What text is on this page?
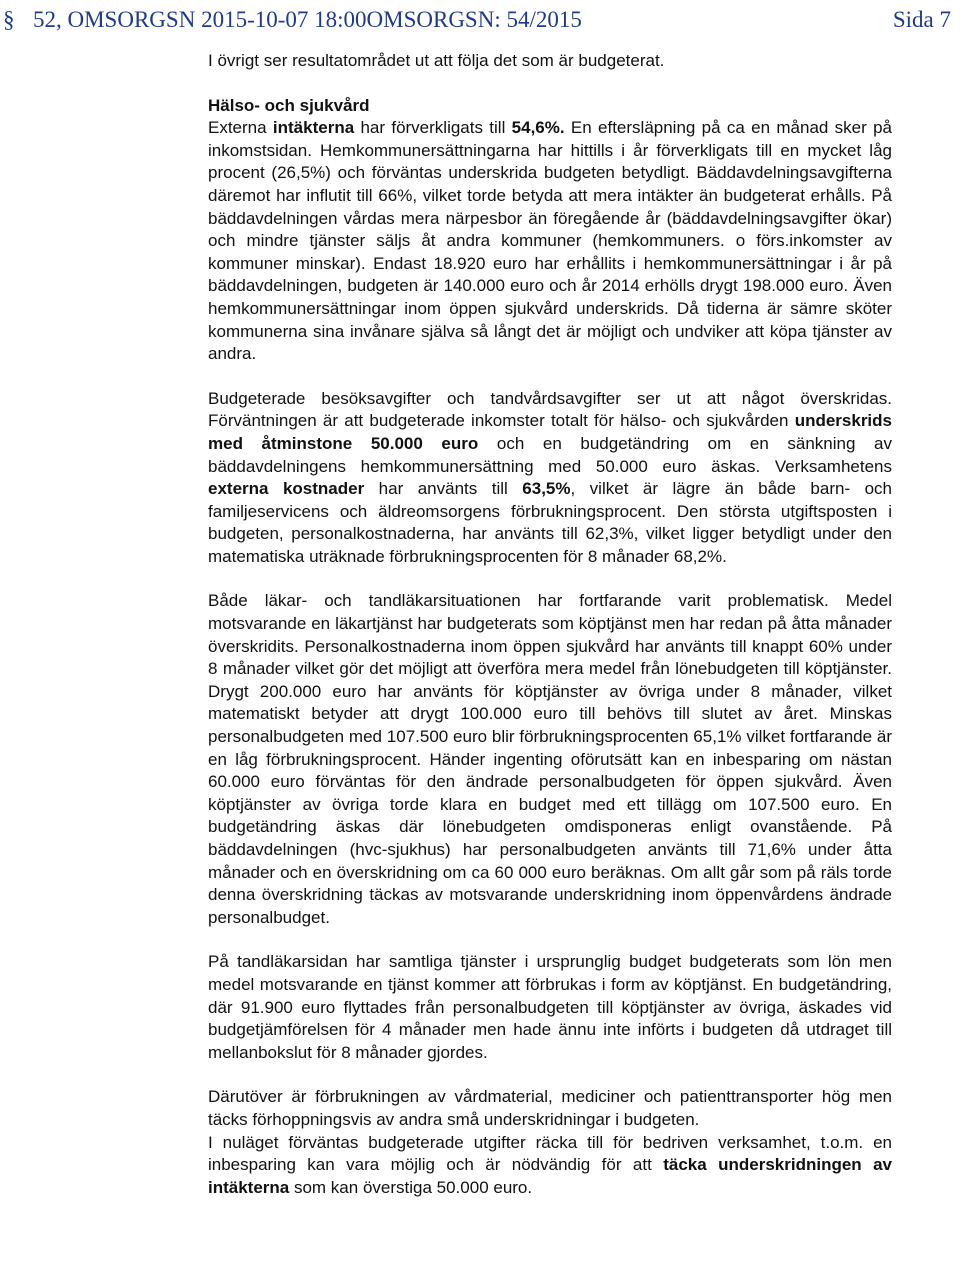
§ 52, OMSORGSN 2015-10-07 18:00OMSORGSN: 54/2015	Sida 7

I övrigt ser resultatområdet ut att följa det som är budgeterat.

Hälso- och sjukvård

Externa intäkterna har förverkligats till 54,6%. En eftersläpning på ca en månad sker på inkomstsidan. Hemkommunersättningarna har hittills i år förverkligats till en mycket låg procent (26,5%) och förväntas underskrida budgeten betydligt. Bäddavdelningsavgifterna däremot har influtit till 66%, vilket torde betyda att mera intäkter än budgeterat erhålls. På bäddavdelningen vårdas mera närpesbor än föregående år (bäddavdelningsavgifter ökar) och mindre tjänster säljs åt andra kommuner (hemkommuners. o förs.inkomster av kommuner minskar). Endast 18.920 euro har erhållits i hemkommunersättningar i år på bäddavdelningen, budgeten är 140.000 euro och år 2014 erhölls drygt 198.000 euro. Även hemkommunersättningar inom öppen sjukvård underskrids. Då tiderna är sämre sköter kommunerna sina invånare själva så långt det är möjligt och undviker att köpa tjänster av andra.

Budgeterade besöksavgifter och tandvårdsavgifter ser ut att något överskridas. Förväntningen är att budgeterade inkomster totalt för hälso- och sjukvården underskrids med åtminstone 50.000 euro och en budgetändring om en sänkning av bäddavdelningens hemkommunersättning med 50.000 euro äskas. Verksamhetens externa kostnader har använts till 63,5%, vilket är lägre än både barn- och familjeservicens och äldreomsorgens förbrukningsprocent. Den största utgiftsposten i budgeten, personalkostnaderna, har använts till 62,3%, vilket ligger betydligt under den matematiska uträknade förbrukningsprocenten för 8 månader 68,2%.

Både läkar- och tandläkarsituationen har fortfarande varit problematisk. Medel motsvarande en läkartjänst har budgeterats som köptjänst men har redan på åtta månader överskridits. Personalkostnaderna inom öppen sjukvård har använts till knappt 60% under 8 månader vilket gör det möjligt att överföra mera medel från lönebudgeten till köptjänster. Drygt 200.000 euro har använts för köptjänster av övriga under 8 månader, vilket matematiskt betyder att drygt 100.000 euro till behövs till slutet av året. Minskas personalbudgeten med 107.500 euro blir förbrukningsprocenten 65,1% vilket fortfarande är en låg förbrukningsprocent. Händer ingenting oförutsätt kan en inbesparing om nästan 60.000 euro förväntas för den ändrade personalbudgeten för öppen sjukvård. Även köptjänster av övriga torde klara en budget med ett tillägg om 107.500 euro. En budgetändring äskas där lönebudgeten omdisponeras enligt ovanstående. På bäddavdelningen (hvc-sjukhus) har personalbudgeten använts till 71,6% under åtta månader och en överskridning om ca 60 000 euro beräknas. Om allt går som på räls torde denna överskridning täckas av motsvarande underskridning inom öppenvårdens ändrade personalbudget.

På tandläkarsidan har samtliga tjänster i ursprunglig budget budgeterats som lön men medel motsvarande en tjänst kommer att förbrukas i form av köptjänst. En budgetändring, där 91.900 euro flyttades från personalbudgeten till köptjänster av övriga, äskades vid budgetjämförelsen för 4 månader men hade ännu inte införts i budgeten då utdraget till mellanbokslut för 8 månader gjordes.

Därutöver är förbrukningen av vårdmaterial, mediciner och patienttransporter hög men täcks förhoppningsvis av andra små underskridningar i budgeten.

I nuläget förväntas budgeterade utgifter räcka till för bedriven verksamhet, t.o.m. en inbesparing kan vara möjlig och är nödvändig för att täcka underskridningen av intäkterna som kan överstiga 50.000 euro.
